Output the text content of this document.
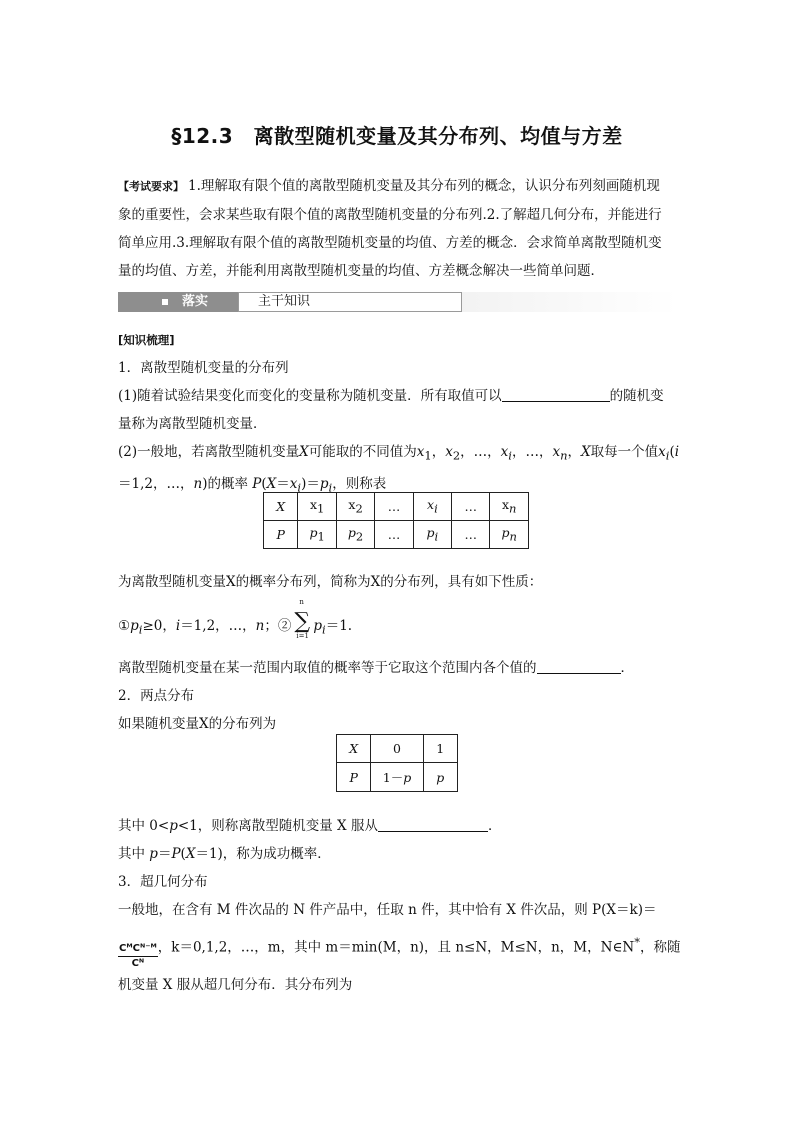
§12.3　离散型随机变量及其分布列、均值与方差
【考试要求】 1.理解取有限个值的离散型随机变量及其分布列的概念，认识分布列刻画随机现
象的重要性，会求某些取有限个值的离散型随机变量的分布列.2.了解超几何分布，并能进行
简单应用.3.理解取有限个值的离散型随机变量的均值、方差的概念．会求简单离散型随机变
量的均值、方差，并能利用离散型随机变量的均值、方差概念解决一些简单问题．
落实	主干知识
[知识梳理]
1．离散型随机变量的分布列
(1)随着试验结果变化而变化的变量称为随机变量．所有取值可以	的随机变
量称为离散型随机变量．
(2)一般地，若离散型随机变量X可能取的不同值为$x_1$，$x_2$，…，$x_i$，…，$x_n$，X取每一个值$x_i(i$
＝1,2，…，n)的概率 $P(X=x_i)=p_i$，则称表
X	$x_1$	$x_2$	…	$x_i$	…	$x_n$
P	$p_1$	$p_2$	…	$p_i$	…	$p_n$
为离散型随机变量X的概率分布列，简称为X的分布列，具有如下性质：
$①p_i\ge 0$，i＝1,2，…，n；② ∑
n
i=1
$p_i=1$.
离散型随机变量在某一范围内取值的概率等于它取这个范围内各个值的	．
2．两点分布
如果随机变量X的分布列为
X	0	1
P	1－p	p
其中 0<p<1，则称离散型随机变量 X 服从	．
其中 p＝P(X＝1)，称为成功概率．
3．超几何分布
一般地，在含有 M 件次品的 N 件产品中，任取 n 件，其中恰有 X 件次品，则 P(X＝k)＝
$\frac{\text{CᴹCᴺ⁻ᴹ}}{\text{Cᴺ}}$ ，k＝0,1,2，…，m，其中 m＝min(M，n)，且 n≤N，M≤N，n，M，N∈N*，称随
机变量 X 服从超几何分布．其分布列为
